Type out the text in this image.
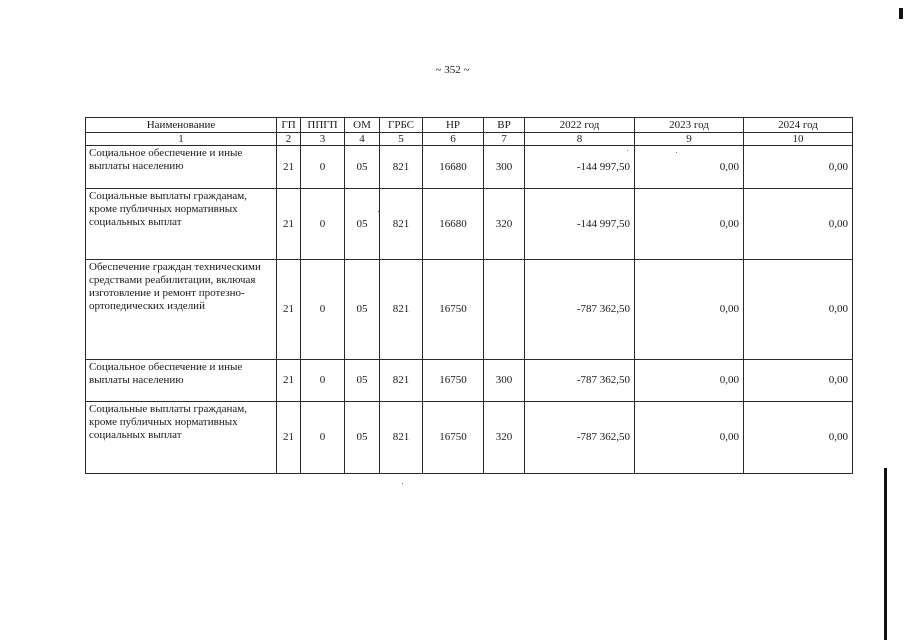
~ 352 ~
Наименование	ГП	ППГП	ОМ	ГРБС	НР	ВР	2022 год	2023 год	2024 год
1	2	3	4	5	6	7	8	9	10
Социальное обеспечение и иные выплаты населению	21	0	05	821	16680	300	-144 997,50	0,00	0,00
Социальные выплаты гражданам, кроме публичных нормативных социальных выплат	21	0	05	821	16680	320	-144 997,50	0,00	0,00
Обеспечение граждан техническими средствами реабилитации, включая изготовление и ремонт протезно-ортопедических изделий	21	0	05	821	16750		-787 362,50	0,00	0,00
Социальное обеспечение и иные выплаты населению	21	0	05	821	16750	300	-787 362,50	0,00	0,00
Социальные выплаты гражданам, кроме публичных нормативных социальных выплат	21	0	05	821	16750	320	-787 362,50	0,00	0,00
